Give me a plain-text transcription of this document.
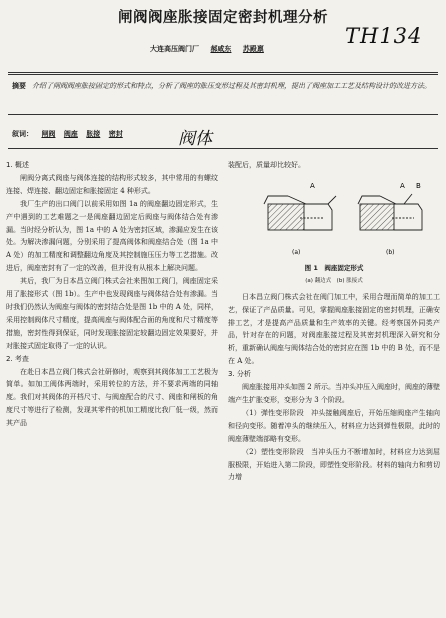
闸阀阀座胀接固定密封机理分析
TH134
大连高压阀门厂 郝咸东 苏殿禀
摘要 介绍了闸阀阀座胀接固定的形式和特点，分析了阀座的胀压变形过程及其密封机理，提出了阀座加工工艺及结构设计的改进方法。
叙词： 闸阀 阀座 胀接 密封	阀体

1. 概述

闸阀分离式阀座与阀体连接的结构形式较多，其中常用的有螺纹连接、焊连接、翻边固定和胀接固定 4 种形式。

我厂生产的出口阀门以前采用如图 1a 的阀座翻边固定形式，生产中遇到的工艺难题之一是阀座翻边固定后阀座与阀体结合处有渗漏。当时经分析认为，图 1a 中的 A 处为密封区域，渗漏应发生在该处。为解决渗漏问题，分别采用了提高阀体和阀座结合处（图 1a 中 A 处）的加工精度和调整翻边角度及其控制施压压力等工艺措施。改进后，阀座密封有了一定的改善，但并没有从根本上解决问题。

其后，我厂为日本昌立阀门株式会社来图加工阀门，阀座固定采用了胀接形式（图 1b）。生产中也发现阀座与阀体结合处有渗漏。当时我们仍然认为阀座与阀体的密封结合处是图 1b 中的 A 处，同样，采用控制阀体尺寸精度，提高阀座与阀体配合面的角度和尺寸精度等措施，密封性得到保证，同时发现胀接固定较翻边固定效果要好，并对胀接式固定取得了一定的认识。

2. 考查

在赴日本昌立阀门株式会社研修时，观察到其阀体加工工艺极为简单。如加工阀体两端时，采用转位的方法，并不要求两端的同轴度。我们对其阀体的开档尺寸、与阀座配合的尺寸、阀座和闸板的角度尺寸等进行了检测，发现其零件的机加工精度比我厂低一级，然而其产品

装配后，质量却比较好。

A	A B
(a)	(b)
图 1　阀座固定形式
(a) 翻边式　(b) 胀接式

日本昌立阀门株式会社在阀门加工中，采用合理而简单的加工工艺，保证了产品质量。可见，掌握阀座胀接固定的密封机理，正确安排工艺，才是提高产品质量和生产效率的关键。经考察国外同类产品，针对存在的问题，对阀座胀接过程及其密封机理深入研究和分析，重新确认阀座与阀体结合处的密封应在图 1b 中的 B 处，而不是在 A 处。

3. 分析

阀座胀接用冲头如图 2 所示。当冲头冲压入阀座时，阀座的薄壁端产生扩胀变形，变形分为 3 个阶段。

（1）弹性变形阶段　冲头接触阀座后，开始压缩阀座产生轴向和径向变形。随着冲头的继续压入，材料应力达到弹性极限，此时的阀座薄壁端部略有变形。

（2）塑性变形阶段　当冲头压力不断增加时，材料应力达到屈服极限，开始进入第二阶段，即塑性变形阶段。材料的轴向力和剪切力增
